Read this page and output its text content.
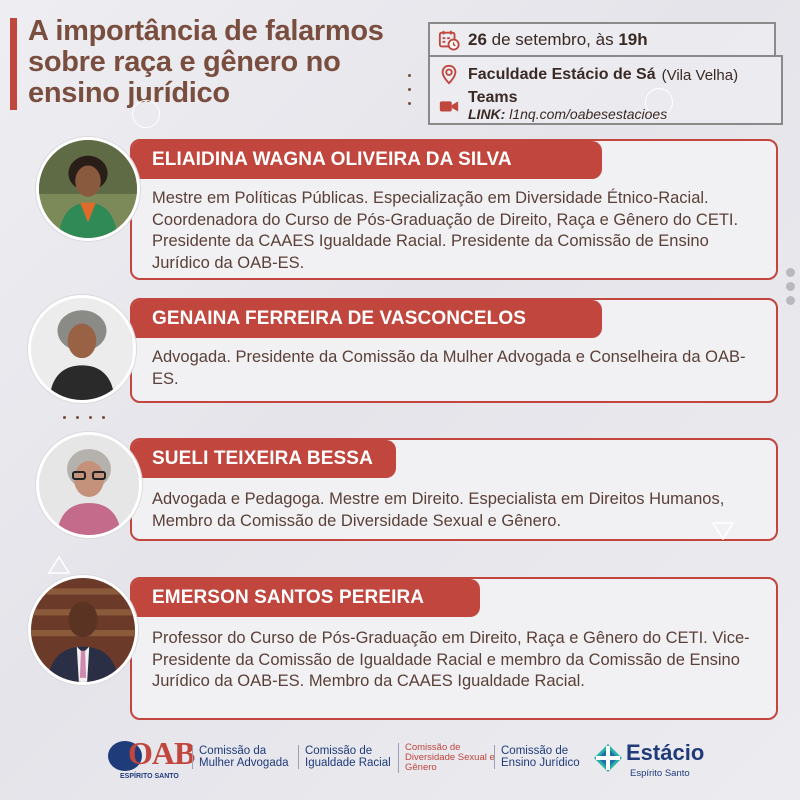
A importância de falarmos sobre raça e gênero no ensino jurídico
26 de setembro, às 19h
Faculdade Estácio de Sá (Vila Velha)
Teams
LINK: l1nq.com/oabesestacioes
ELIAIDINA WAGNA OLIVEIRA DA SILVA

Mestre em Políticas Públicas. Especialização em Diversidade Étnico-Racial. Coordenadora do Curso de Pós-Graduação de Direito, Raça e Gênero do CETI. Presidente da CAAES Igualdade Racial. Presidente da Comissão de Ensino Jurídico da OAB-ES.

GENAINA FERREIRA DE VASCONCELOS

Advogada. Presidente da Comissão da Mulher Advogada e Conselheira da OAB-ES.

SUELI TEIXEIRA BESSA

Advogada e Pedagoga. Mestre em Direito. Especialista em Direitos Humanos, Membro da Comissão de Diversidade Sexual e Gênero.

EMERSON SANTOS PEREIRA

Professor do Curso de Pós-Graduação em Direito, Raça e Gênero do CETI. Vice-Presidente da Comissão de Igualdade Racial e membro da Comissão de Ensino Jurídico da OAB-ES. Membro da CAAES Igualdade Racial.

OAB
ESPÍRITO SANTO
Comissão da Mulher Advogada
Comissão de Igualdade Racial
Comissão de Diversidade Sexual e Gênero
Comissão de Ensino Jurídico	Estácio
Espírito Santo
